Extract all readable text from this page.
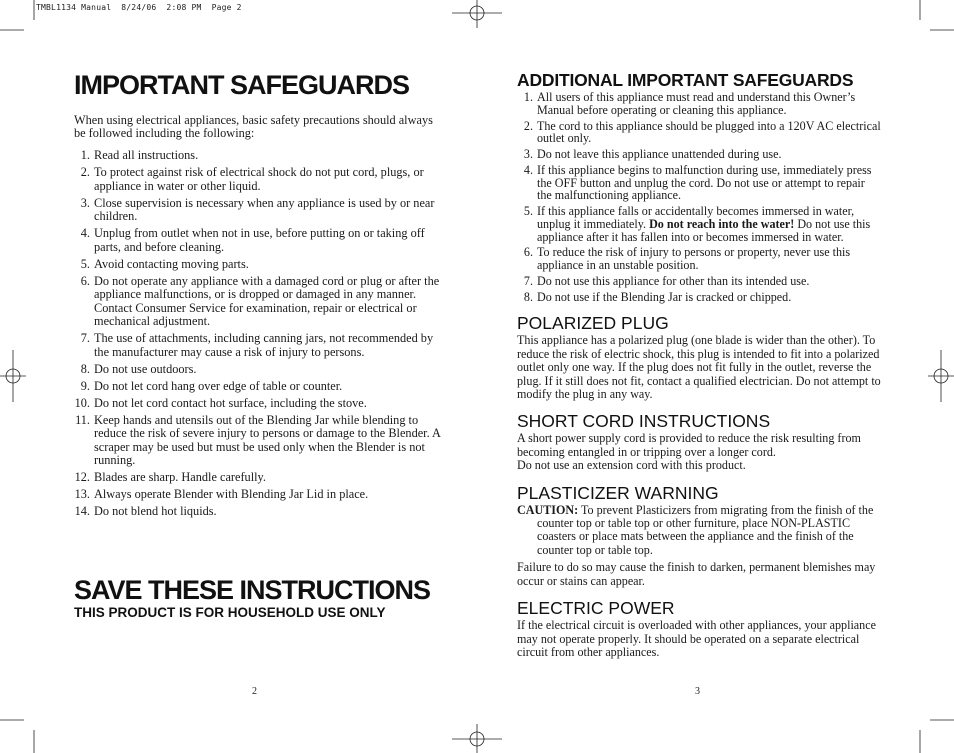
TMBL1134 Manual  8/24/06  2:08 PM  Page 2
IMPORTANT SAFEGUARDS

When using electrical appliances, basic safety precautions should always be followed including the following:

1. Read all instructions.
2. To protect against risk of electrical shock do not put cord, plugs, or appliance in water or other liquid.
3. Close supervision is necessary when any appliance is used by or near children.
4. Unplug from outlet when not in use, before putting on or taking off parts, and before cleaning.
5. Avoid contacting moving parts.
6. Do not operate any appliance with a damaged cord or plug or after the appliance malfunctions, or is dropped or damaged in any manner. Contact Consumer Service for examination, repair or electrical or mechanical adjustment.
7. The use of attachments, including canning jars, not recommended by the manufacturer may cause a risk of injury to persons.
8. Do not use outdoors.
9. Do not let cord hang over edge of table or counter.
10. Do not let cord contact hot surface, including the stove.
11. Keep hands and utensils out of the Blending Jar while blending to reduce the risk of severe injury to persons or damage to the Blender. A scraper may be used but must be used only when the Blender is not running.
12. Blades are sharp. Handle carefully.
13. Always operate Blender with Blending Jar Lid in place.
14. Do not blend hot liquids.
SAVE THESE INSTRUCTIONS

THIS PRODUCT IS FOR HOUSEHOLD USE ONLY

2
ADDITIONAL IMPORTANT SAFEGUARDS
1. All users of this appliance must read and understand this Owner’s Manual before operating or cleaning this appliance.
2. The cord to this appliance should be plugged into a 120V AC electrical outlet only.
3. Do not leave this appliance unattended during use.
4. If this appliance begins to malfunction during use, immediately press the OFF button and unplug the cord. Do not use or attempt to repair the malfunctioning appliance.
5. If this appliance falls or accidentally becomes immersed in water, unplug it immediately. Do not reach into the water! Do not use this appliance after it has fallen into or becomes immersed in water.
6. To reduce the risk of injury to persons or property, never use this appliance in an unstable position.
7. Do not use this appliance for other than its intended use.
8. Do not use if the Blending Jar is cracked or chipped.
POLARIZED PLUG

This appliance has a polarized plug (one blade is wider than the other). To reduce the risk of electric shock, this plug is intended to fit into a polarized outlet only one way. If the plug does not fit fully in the outlet, reverse the plug. If it still does not fit, contact a qualified electrician. Do not attempt to modify the plug in any way.

SHORT CORD INSTRUCTIONS

A short power supply cord is provided to reduce the risk resulting from becoming entangled in or tripping over a longer cord.

Do not use an extension cord with this product.

PLASTICIZER WARNING

CAUTION: To prevent Plasticizers from migrating from the finish of the counter top or table top or other furniture, place NON-PLASTIC coasters or place mats between the appliance and the finish of the counter top or table top.

Failure to do so may cause the finish to darken, permanent blemishes may occur or stains can appear.

ELECTRIC POWER

If the electrical circuit is overloaded with other appliances, your appliance may not operate properly. It should be operated on a separate electrical circuit from other appliances.

3
